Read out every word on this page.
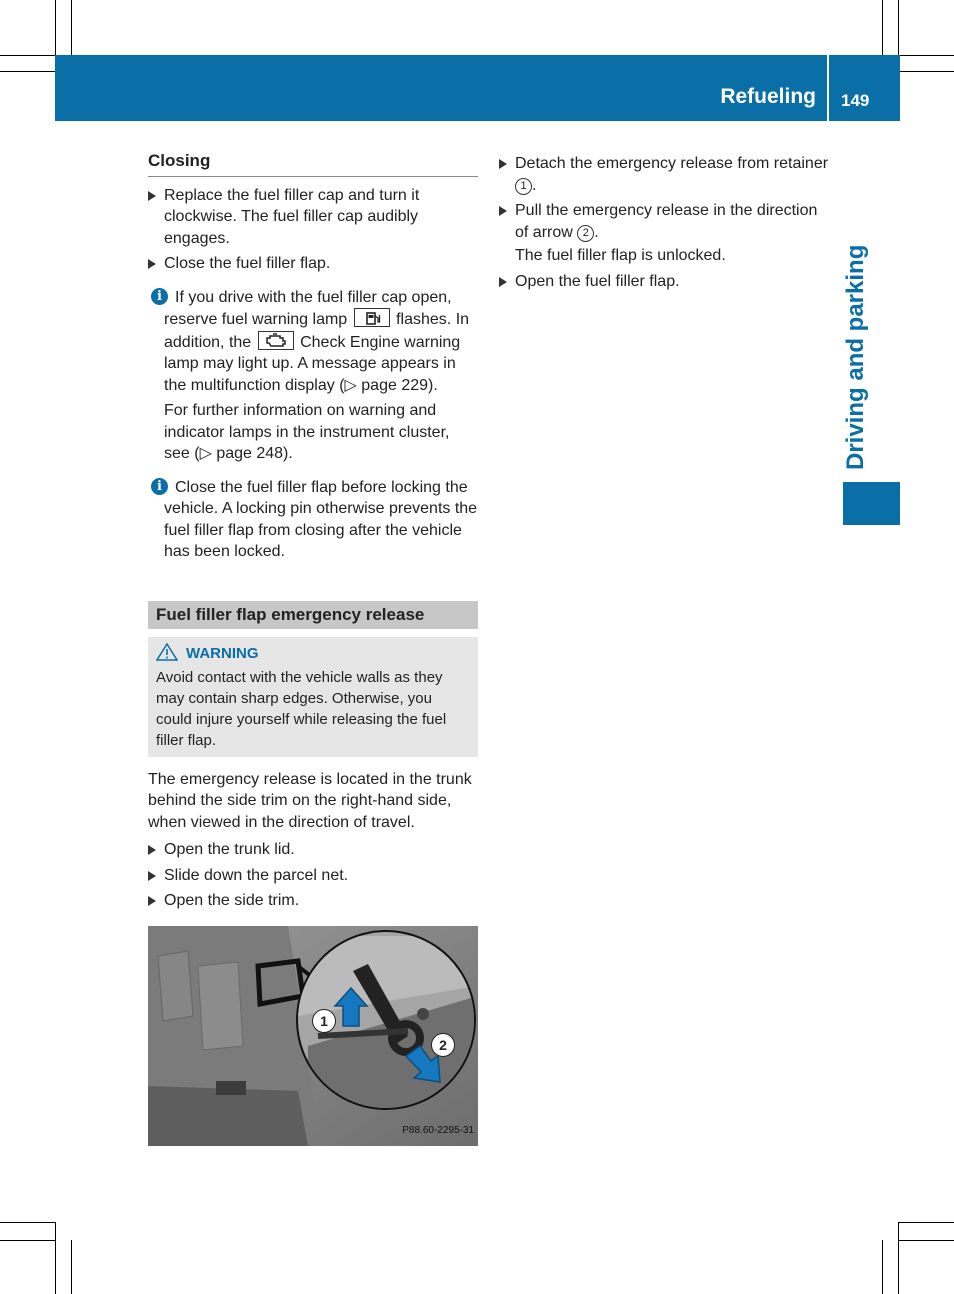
Refueling 149
Driving and parking
Closing
Replace the fuel filler cap and turn it clockwise. The fuel filler cap audibly engages.
Close the fuel filler flap.
i If you drive with the fuel filler cap open, reserve fuel warning lamp	flashes. In addition, the	Check Engine warning lamp may light up. A message appears in the multifunction display (▷ page 229).

For further information on warning and indicator lamps in the instrument cluster, see (▷ page 248).

i Close the fuel filler flap before locking the vehicle. A locking pin otherwise prevents the fuel filler flap from closing after the vehicle has been locked.

Fuel filler flap emergency release
WARNING
Avoid contact with the vehicle walls as they may contain sharp edges. Otherwise, you could injure yourself while releasing the fuel filler flap.
The emergency release is located in the trunk behind the side trim on the right-hand side, when viewed in the direction of travel.
Open the trunk lid.
Slide down the parcel net.
Open the side trim.
1
2
P88.60-2295-31
Detach the emergency release from retainer 1 .
Pull the emergency release in the direction of arrow 2 .
The fuel filler flap is unlocked.
Open the fuel filler flap.
